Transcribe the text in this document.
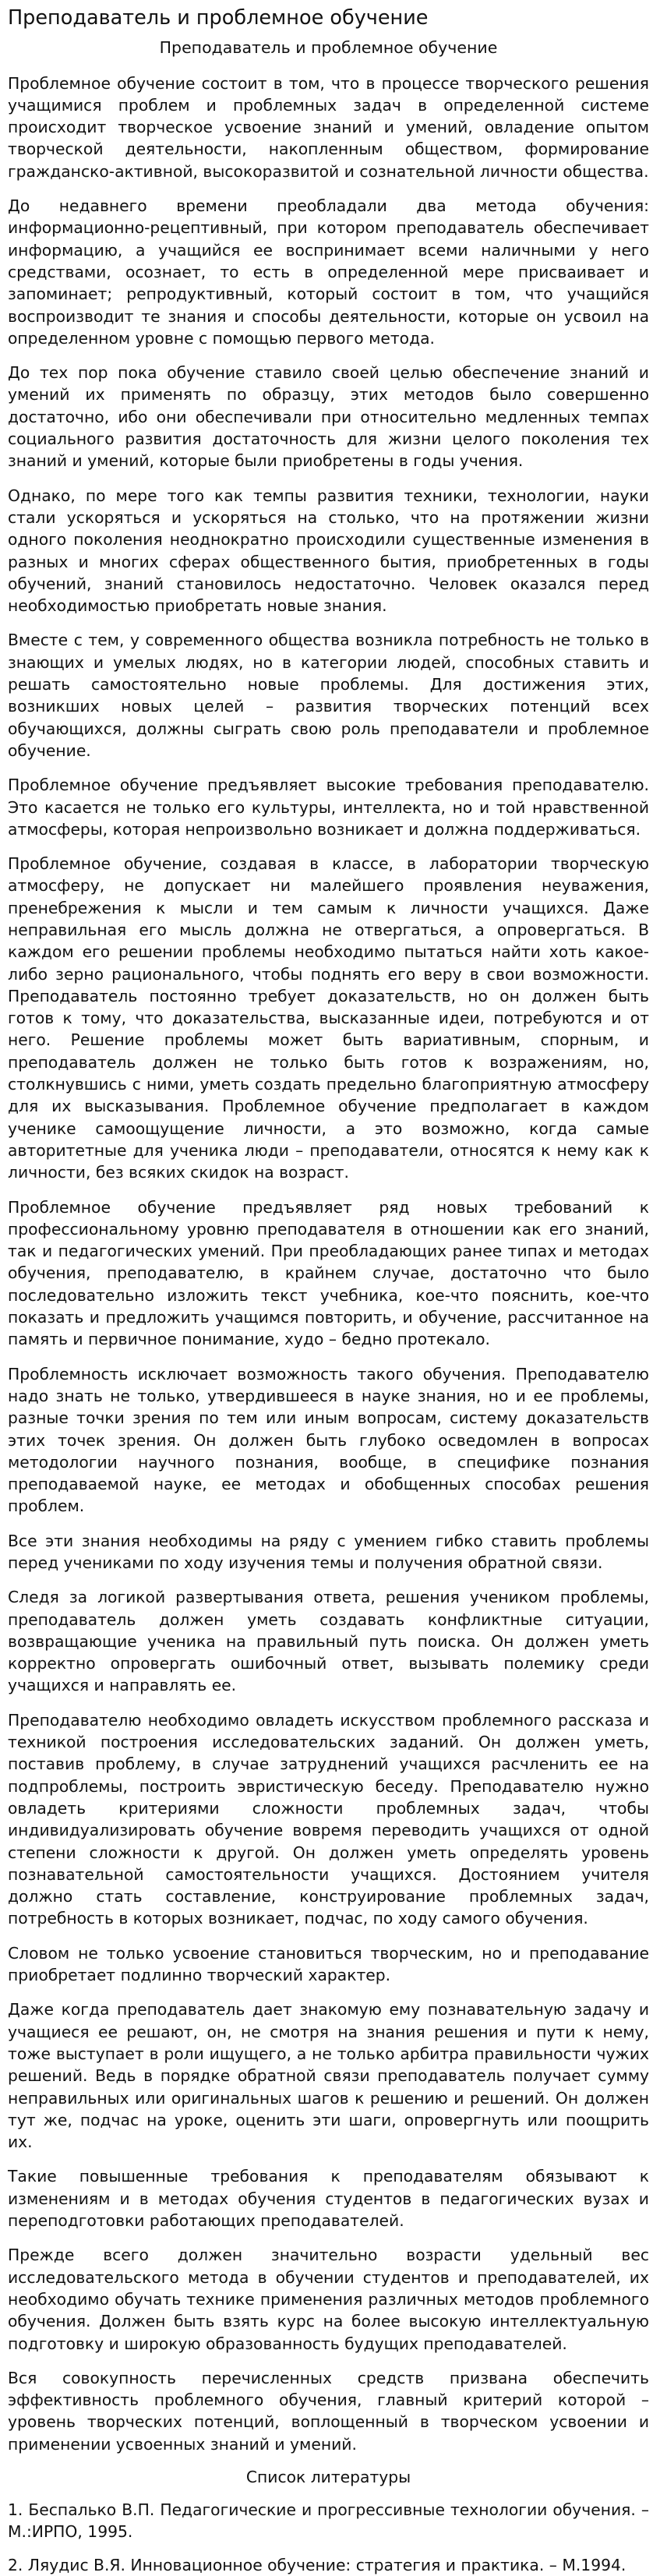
Преподаватель и проблемное обучение
Преподаватель и проблемное обучение

Проблемное обучение состоит в том, что в процессе творческого решения учащимися проблем и проблемных задач в определенной системе происходит творческое усвоение знаний и умений, овладение опытом творческой деятельности, накопленным обществом, формирование гражданско-активной, высокоразвитой и сознательной личности общества.

До недавнего времени преобладали два метода обучения: информационно-рецептивный, при котором преподаватель обеспечивает информацию, а учащийся ее воспринимает всеми наличными у него средствами, осознает, то есть в определенной мере присваивает и запоминает; репродуктивный, который состоит в том, что учащийся воспроизводит те знания и способы деятельности, которые он усвоил на определенном уровне с помощью первого метода.

До тех пор пока обучение ставило своей целью обеспечение знаний и умений их применять по образцу, этих методов было совершенно достаточно, ибо они обеспечивали при относительно медленных темпах социального развития достаточность для жизни целого поколения тех знаний и умений, которые были приобретены в годы учения.

Однако, по мере того как темпы развития техники, технологии, науки стали ускоряться и ускоряться на столько, что на протяжении жизни одного поколения неоднократно происходили существенные изменения в разных и многих сферах общественного бытия, приобретенных в годы обучений, знаний становилось недостаточно. Человек оказался перед необходимостью приобретать новые знания.

Вместе с тем, у современного общества возникла потребность не только в знающих и умелых людях, но в категории людей, способных ставить и решать самостоятельно новые проблемы. Для достижения этих, возникших новых целей – развития творческих потенций всех обучающихся, должны сыграть свою роль преподаватели и проблемное обучение.

Проблемное обучение предъявляет высокие требования преподавателю. Это касается не только его культуры, интеллекта, но и той нравственной атмосферы, которая непроизвольно возникает и должна поддерживаться.

Проблемное обучение, создавая в классе, в лаборатории творческую атмосферу, не допускает ни малейшего проявления неуважения, пренебрежения к мысли и тем самым к личности учащихся. Даже неправильная его мысль должна не отвергаться, а опровергаться. В каждом его решении проблемы необходимо пытаться найти хоть какое-либо зерно рационального, чтобы поднять его веру в свои возможности. Преподаватель постоянно требует доказательств, но он должен быть готов к тому, что доказательства, высказанные идеи, потребуются и от него. Решение проблемы может быть вариативным, спорным, и преподаватель должен не только быть готов к возражениям, но, столкнувшись с ними, уметь создать предельно благоприятную атмосферу для их высказывания. Проблемное обучение предполагает в каждом ученике самоощущение личности, а это возможно, когда самые авторитетные для ученика люди – преподаватели, относятся к нему как к личности, без всяких скидок на возраст.

Проблемное обучение предъявляет ряд новых требований к профессиональному уровню преподавателя в отношении как его знаний, так и педагогических умений. При преобладающих ранее типах и методах обучения, преподавателю, в крайнем случае, достаточно что было последовательно изложить текст учебника, кое-что пояснить, кое-что показать и предложить учащимся повторить, и обучение, рассчитанное на память и первичное понимание, худо – бедно протекало.

Проблемность исключает возможность такого обучения. Преподавателю надо знать не только, утвердившееся в науке знания, но и ее проблемы, разные точки зрения по тем или иным вопросам, систему доказательств этих точек зрения. Он должен быть глубоко осведомлен в вопросах методологии научного познания, вообще, в специфике познания преподаваемой науке, ее методах и обобщенных способах решения проблем.

Все эти знания необходимы на ряду с умением гибко ставить проблемы перед учениками по ходу изучения темы и получения обратной связи.

Следя за логикой развертывания ответа, решения учеником проблемы, преподаватель должен уметь создавать конфликтные ситуации, возвращающие ученика на правильный путь поиска. Он должен уметь корректно опровергать ошибочный ответ, вызывать полемику среди учащихся и направлять ее.

Преподавателю необходимо овладеть искусством проблемного рассказа и техникой построения исследовательских заданий. Он должен уметь, поставив проблему, в случае затруднений учащихся расчленить ее на подпроблемы, построить эвристическую беседу. Преподавателю нужно овладеть критериями сложности проблемных задач, чтобы индивидуализировать обучение вовремя переводить учащихся от одной степени сложности к другой. Он должен уметь определять уровень познавательной самостоятельности учащихся. Достоянием учителя должно стать составление, конструирование проблемных задач, потребность в которых возникает, подчас, по ходу самого обучения.

Словом не только усвоение становиться творческим, но и преподавание приобретает подлинно творческий характер.

Даже когда преподаватель дает знакомую ему познавательную задачу и учащиеся ее решают, он, не смотря на знания решения и пути к нему, тоже выступает в роли ищущего, а не только арбитра правильности чужих решений. Ведь в порядке обратной связи преподаватель получает сумму неправильных или оригинальных шагов к решению и решений. Он должен тут же, подчас на уроке, оценить эти шаги, опровергнуть или поощрить их.

Такие повышенные требования к преподавателям обязывают к изменениям и в методах обучения студентов в педагогических вузах и переподготовки работающих преподавателей.

Прежде всего должен значительно возрасти удельный вес исследовательского метода в обучении студентов и преподавателей, их необходимо обучать технике применения различных методов проблемного обучения. Должен быть взять курс на более высокую интеллектуальную подготовку и широкую образованность будущих преподавателей.

Вся совокупность перечисленных средств призвана обеспечить эффективность проблемного обучения, главный критерий которой – уровень творческих потенций, воплощенный в творческом усвоении и применении усвоенных знаний и умений.

Список литературы

1. Беспалько В.П. Педагогические и прогрессивные технологии обучения. – М.:ИРПО, 1995.

2. Ляудис В.Я. Инновационное обучение: стратегия и практика. – М.1994.
